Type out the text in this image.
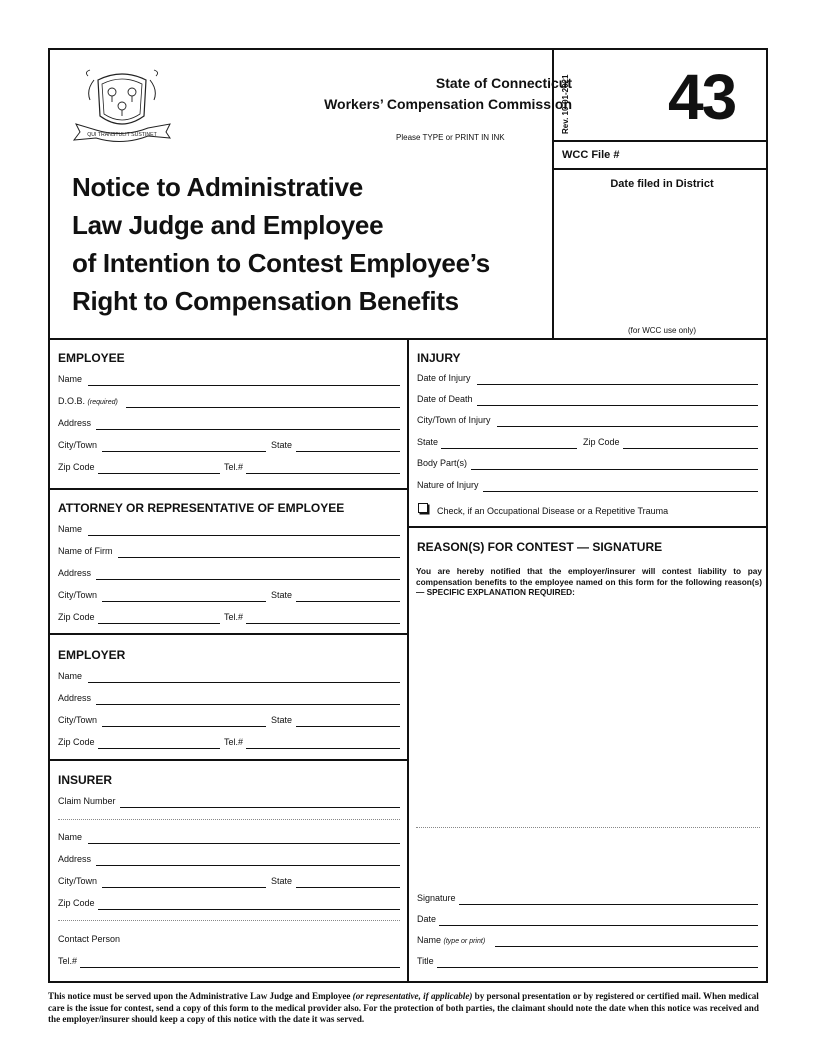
QUI TRANSTULIT SUSTINET
State of Connecticut
Workers’ Compensation Commission
Please TYPE or PRINT IN INK
Notice to Administrative
Law Judge and Employee
of Intention to Contest Employee’s
Right to Compensation Benefits
Rev. 10-01-2021 43
WCC File #
Date filed in District
(for WCC use only)
EMPLOYEE
Name
D.O.B. (required)
Address
City/Town	State
Zip Code	Tel.#
ATTORNEY OR REPRESENTATIVE OF EMPLOYEE
Name
Name of Firm
Address
City/Town	State
Zip Code	Tel.#
EMPLOYER
Name
Address
City/Town	State
Zip Code	Tel.#
INSURER
Claim Number
Name
Address
City/Town	State
Zip Code
Contact Person
Tel.#
INJURY
Date of Injury
Date of Death
City/Town of Injury
State	Zip Code
Body Part(s)
Nature of Injury
Check, if an Occupational Disease or a Repetitive Trauma
REASON(S) FOR CONTEST — SIGNATURE
You are hereby notified that the employer/insurer will contest liability to pay compensation benefits to the employee named on this form for the following reason(s) — SPECIFIC EXPLANATION REQUIRED:
Signature
Date
Name (type or print)
Title
This notice must be served upon the Administrative Law Judge and Employee (or representative, if applicable) by personal presentation or by registered or certified mail. When medical care is the issue for contest, send a copy of this form to the medical provider also. For the protection of both parties, the claimant should note the date when this notice was received and the employer/insurer should keep a copy of this notice with the date it was served.
